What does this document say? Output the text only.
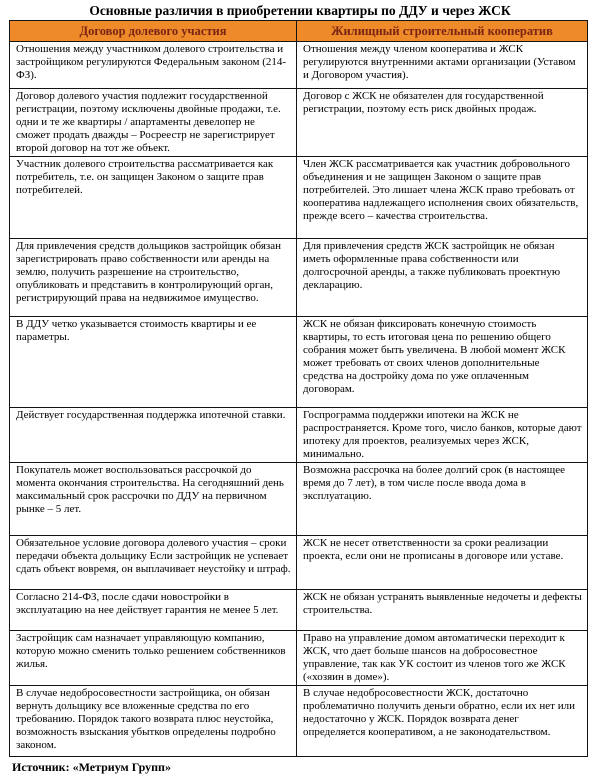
Основные различия в приобретении квартиры по ДДУ и через ЖСК
Договор долевого участия	Жилищный строительный кооператив
Отношения между участником долевого строительства и застройщиком регулируются Федеральным законом (214-ФЗ).	Отношения между членом кооператива и ЖСК регулируются внутренними актами организации (Уставом и Договором участия).
Договор долевого участия подлежит государственной регистрации, поэтому исключены двойные продажи, т.е. одни и те же квартиры / апартаменты девелопер не сможет продать дважды – Росреестр не зарегистрирует второй договор на тот же объект.	Договор с ЖСК не обязателен для государственной регистрации, поэтому есть риск двойных продаж.
Участник долевого строительства рассматривается как потребитель, т.е. он защищен Законом о защите прав потребителей.	Член ЖСК рассматривается как участник добровольного объединения и не защищен Законом о защите прав потребителей. Это лишает члена ЖСК право требовать от кооператива надлежащего исполнения своих обязательств, прежде всего – качества строительства.
Для привлечения средств дольщиков застройщик обязан зарегистрировать право собственности или аренды на землю, получить разрешение на строительство, опубликовать и представить в контролирующий орган, регистрирующий права на недвижимое имущество.	Для привлечения средств ЖСК застройщик не обязан иметь оформленные права собственности или долгосрочной аренды, а также публиковать проектную декларацию.
В ДДУ четко указывается стоимость квартиры и ее параметры.	ЖСК не обязан фиксировать конечную стоимость квартиры, то есть итоговая цена по решению общего собрания может быть увеличена. В любой момент ЖСК может требовать от своих членов дополнительные средства на достройку дома по уже оплаченным договорам.
Действует государственная поддержка ипотечной ставки.	Госпрограмма поддержки ипотеки на ЖСК не распространяется. Кроме того, число банков, которые дают ипотеку для проектов, реализуемых через ЖСК, минимально.
Покупатель может воспользоваться рассрочкой до момента окончания строительства. На сегодняшний день максимальный срок рассрочки по ДДУ на первичном рынке – 5 лет.	Возможна рассрочка на более долгий срок (в настоящее время до 7 лет), в том числе после ввода дома в эксплуатацию.
Обязательное условие договора долевого участия – сроки передачи объекта дольщику Если застройщик не успевает сдать объект вовремя, он выплачивает неустойку и штраф.	ЖСК не несет ответственности за сроки реализации проекта, если они не прописаны в договоре или уставе.
Согласно 214-ФЗ, после сдачи новостройки в эксплуатацию на нее действует гарантия не менее 5 лет.	ЖСК не обязан устранять выявленные недочеты и дефекты строительства.
Застройщик сам назначает управляющую компанию, которую можно сменить только решением собственников жилья.	Право на управление домом автоматически переходит к ЖСК, что дает больше шансов на добросовестное управление, так как УК состоит из членов того же ЖСК («хозяин в доме»).
В случае недобросовестности застройщика, он обязан вернуть дольщику все вложенные средства по его требованию. Порядок такого возврата плюс неустойка, возможность взыскания убытков определены подробно законом.	В случае недобросовестности ЖСК, достаточно проблематично получить деньги обратно, если их нет или недостаточно у ЖСК. Порядок возврата денег определяется кооперативом, а не законодательством.
Источник: «Метриум Групп»
